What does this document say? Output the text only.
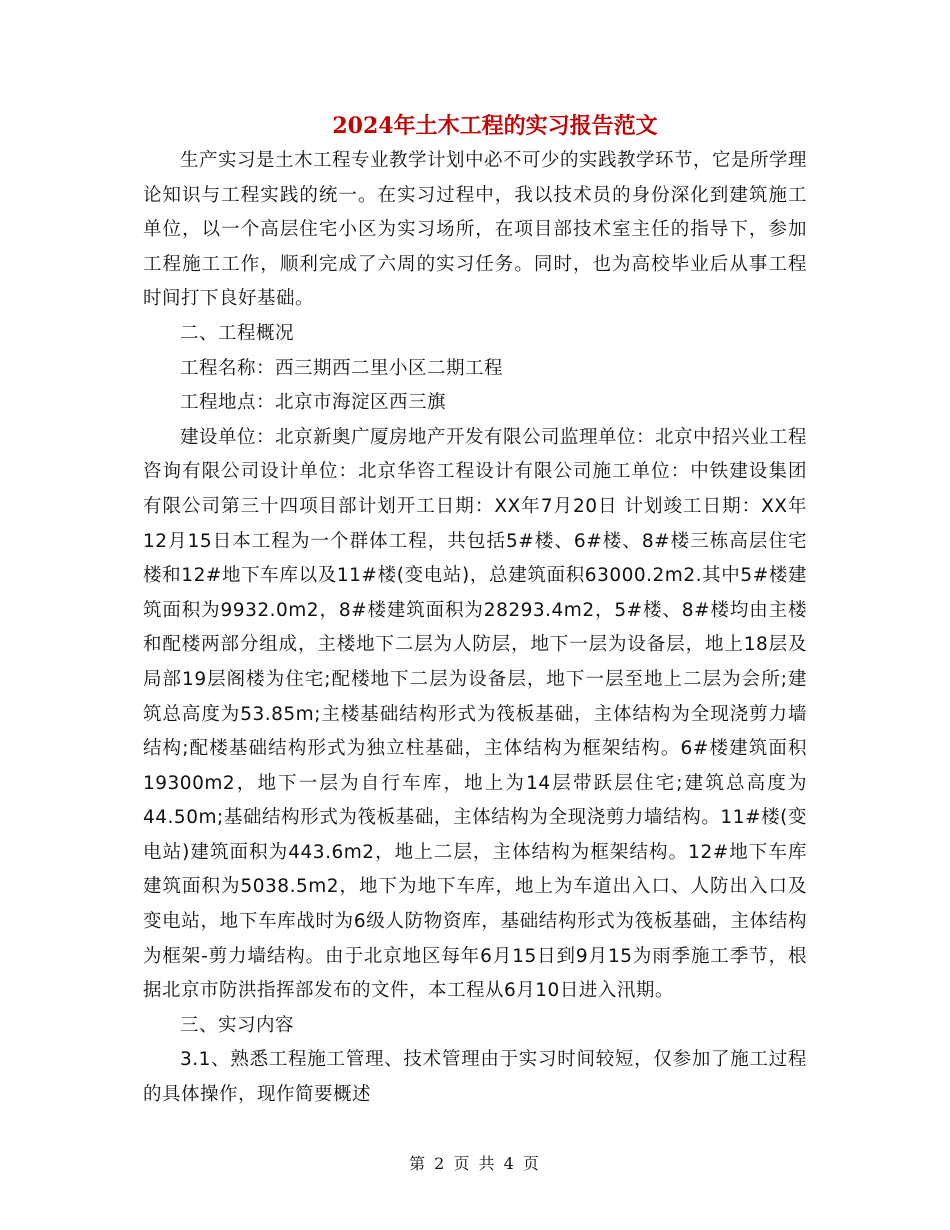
2024年土木工程的实习报告范文

生产实习是土木工程专业教学计划中必不可少的实践教学环节，它是所学理论知识与工程实践的统一。在实习过程中，我以技术员的身份深化到建筑施工单位，以一个高层住宅小区为实习场所，在项目部技术室主任的指导下，参加工程施工工作，顺利完成了六周的实习任务。同时，也为高校毕业后从事工程时间打下良好基础。

二、工程概况

工程名称：西三期西二里小区二期工程

工程地点：北京市海淀区西三旗

建设单位：北京新奥广厦房地产开发有限公司监理单位：北京中招兴业工程咨询有限公司设计单位：北京华咨工程设计有限公司施工单位：中铁建设集团有限公司第三十四项目部计划开工日期：XX年7月20日 计划竣工日期：XX年12月15日本工程为一个群体工程，共包括5#楼、6#楼、8#楼三栋高层住宅楼和12#地下车库以及11#楼(变电站)，总建筑面积63000.2m2.其中5#楼建筑面积为9932.0m2，8#楼建筑面积为28293.4m2，5#楼、8#楼均由主楼和配楼两部分组成，主楼地下二层为人防层，地下一层为设备层，地上18层及局部19层阁楼为住宅;配楼地下二层为设备层，地下一层至地上二层为会所;建筑总高度为53.85m;主楼基础结构形式为筏板基础，主体结构为全现浇剪力墙结构;配楼基础结构形式为独立柱基础，主体结构为框架结构。6#楼建筑面积19300m2，地下一层为自行车库，地上为14层带跃层住宅;建筑总高度为44.50m;基础结构形式为筏板基础，主体结构为全现浇剪力墙结构。11#楼(变电站)建筑面积为443.6m2，地上二层，主体结构为框架结构。12#地下车库建筑面积为5038.5m2，地下为地下车库，地上为车道出入口、人防出入口及变电站，地下车库战时为6级人防物资库，基础结构形式为筏板基础，主体结构为框架-剪力墙结构。由于北京地区每年6月15日到9月15为雨季施工季节，根据北京市防洪指挥部发布的文件，本工程从6月10日进入汛期。

三、实习内容

3.1、熟悉工程施工管理、技术管理由于实习时间较短，仅参加了施工过程的具体操作，现作简要概述

第 2 页 共 4 页
